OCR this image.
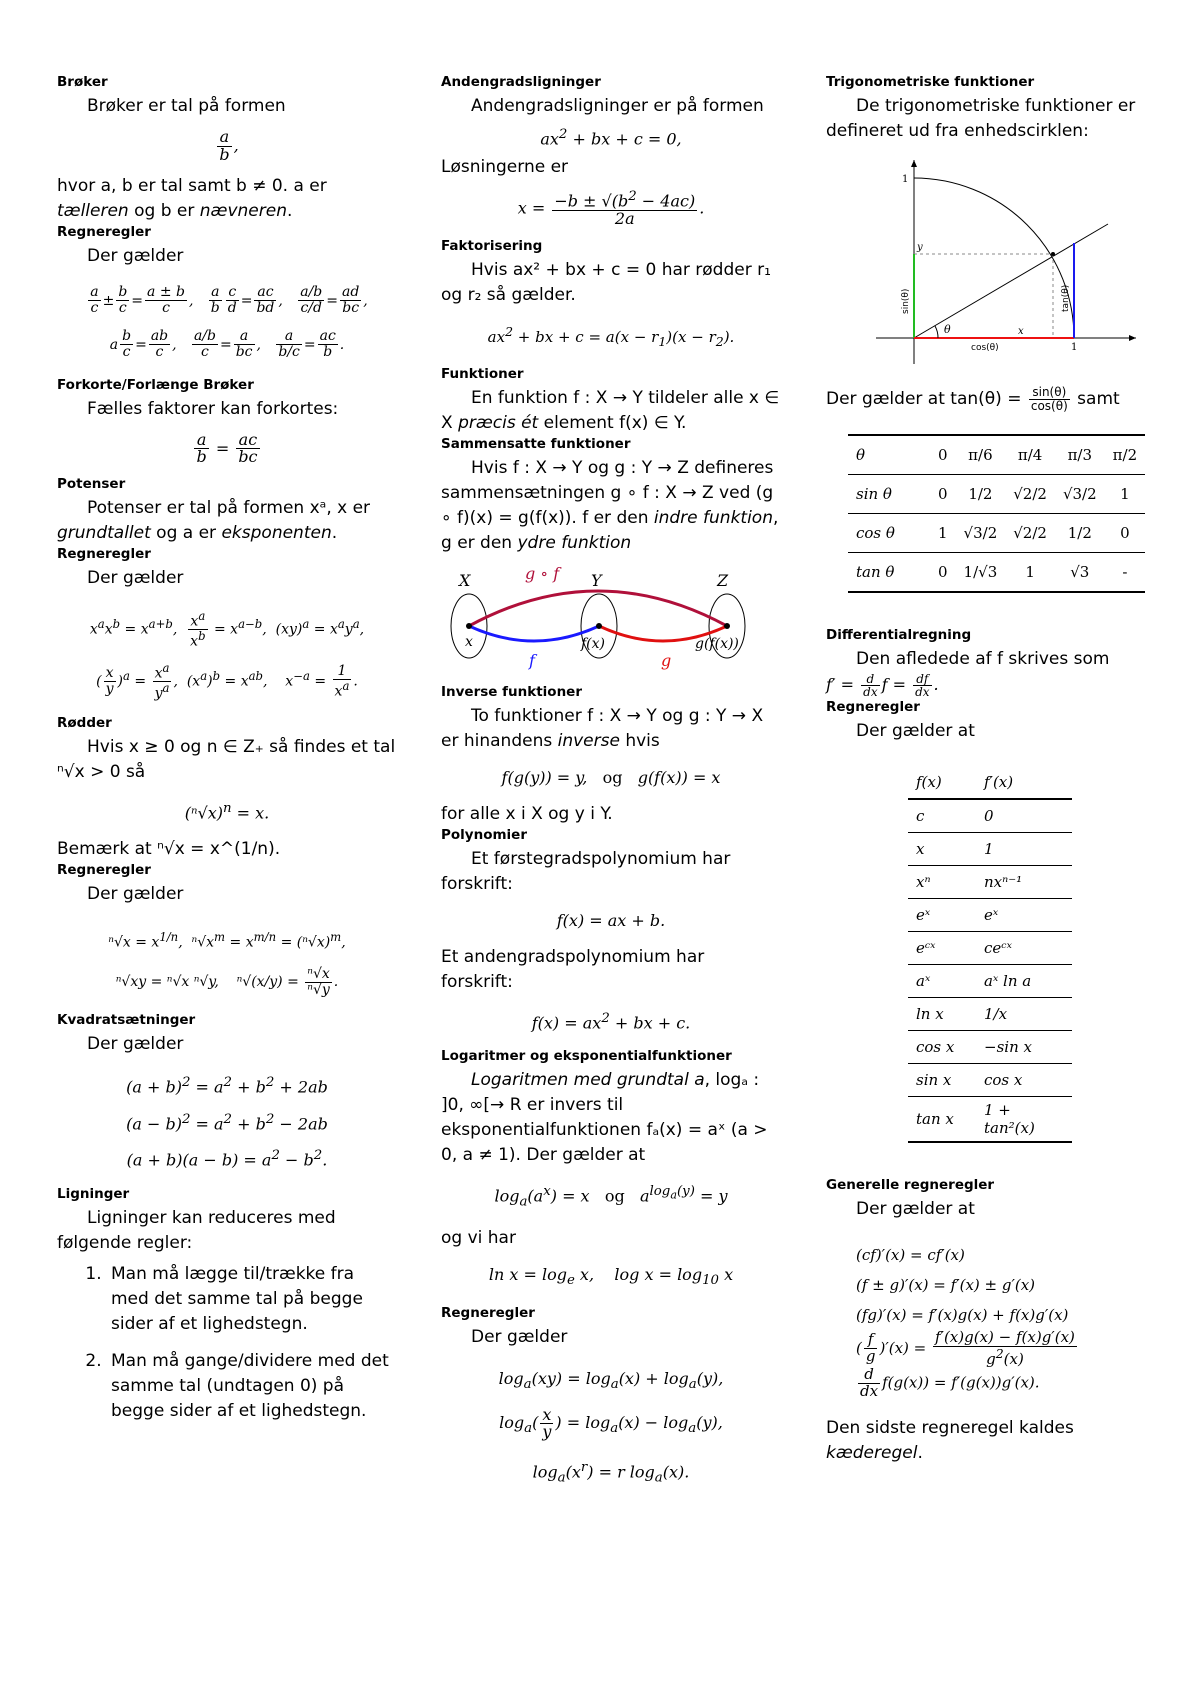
Brøker

Brøker er tal på formen

$\frac{a}{b}$ ,

hvor a, b er tal samt b ≠ 0. a er tælleren og b er nævneren.

Regneregler

Der gælder

$\frac{a}{c} \pm \frac{b}{c} = \frac{a \pm b}{c}$ , $\frac{a}{b} \frac{c}{d} = \frac{ac}{bd}$ , $\frac{a/b}{c/d} = \frac{ad}{bc}$ ,
a $\frac{b}{c} = \frac{ab}{c}$ , $\frac{a/b}{c} = \frac{a}{bc}$ , $\frac{a}{b/c} = \frac{ac}{b}$ .
Forkorte/Forlænge Brøker

Fælles faktorer kan forkortes:

$\frac{a}{b} = \frac{ac}{bc}$
Potenser

Potenser er tal på formen xᵃ, x er grundtallet og a er eksponenten.

Regneregler

Der gælder

$x^ax^b = x^{a+b}$, $\frac{x^a}{x^b} = x^{a-b}$,  $(xy)^a = x^ay^a$,
( $\frac{x}{y} )^a = \frac{x^a}{y^a}$ ,  $(x^a)^b = x^{ab}$,    $x^{-a} = \frac{1}{x^a}$ .
Rødder

Hvis x ≥ 0 og n ∈ Z₊ så findes et tal ⁿ√x > 0 så

$(^n√x)^n = x$.

Bemærk at ⁿ√x = x^(1/n).

Regneregler

Der gælder

$^n√x = x^{1/n}$,  $^n√x^m = x^{m/n} = (^n√x)^m$,
ⁿ√xy = ⁿ√x ⁿ√y,    $^n√(x/y) = \frac{\text{ⁿ√x}}{\text{ⁿ√y}}$ .
Kvadratsætninger

Der gælder

$(a + b)^2 = a^2 + b^2 + 2ab$
$(a - b)^2 = a^2 + b^2 - 2ab$
$(a + b)(a - b) = a^2 - b^2$.
Ligninger

Ligninger kan reduceres med følgende regler:

1. Man må lægge til/trække fra med det samme tal på begge sider af et lighedstegn.
2. Man må gange/dividere med det samme tal (undtagen 0) på begge sider af et lighedstegn.
Andengradsligninger

Andengradsligninger er på formen

$ax^2$ + bx + c = 0,

Løsningerne er

$x = \frac{-b \pm √(b^2 - 4ac)}{2a}$ .
Faktorisering

Hvis ax² + bx + c = 0 har rødder r₁ og r₂ så gælder.

$ax^2$ + bx + $c = a(x - r_1)(x - r_2)$.
Funktioner

En funktion f : X → Y tildeler alle x ∈ X præcis ét element f(x) ∈ Y.

Sammensatte funktioner

Hvis f : X → Y og g : Y → Z defineres sammensætningen g ∘ f : X → Z ved (g ∘ f)(x) = g(f(x)). f er den indre funktion, g er den ydre funktion

X	Y	Z
g ∘ f
f	g
x	f(x)	g(f(x))
Inverse funktioner

To funktioner f : X → Y og g : Y → X er hinandens inverse hvis

f(g(y)) = y,   og   g(f(x)) = x

for alle x i X og y i Y.

Polynomier

Et førstegradspolynomium har forskrift:

f(x) = ax + b.

Et andengradspolynomium har forskrift:

$f(x) = ax^2$ + bx + c.
Logaritmer og eksponentialfunktioner

Logaritmen med grundtal a, logₐ : ]0, ∞[→ R er invers til eksponentialfunktionen fₐ(x) = aˣ (a > 0, a ≠ 1). Der gælder at

$\log_a(a^x) = x$   og   $a^{log_a(y)} = y$

og vi har

$\ln x = \log_e x$,    $\log x = \log_{10} x$
Regneregler

Der gælder

$\log_a(xy) = \log_a(x) + \log_a(y)$,
$\log_a( \frac{x}{y}$ ) = $\log_a(x) - \log_a(y)$,
$\log_a(x^r) = r$ $\log_a(x)$.
Trigonometriske funktioner

De trigonometriske funktioner er defineret ud fra enhedscirklen:

1
1
y
x
θ
sin(θ)
cos(θ)
tan(θ)

Der gælder at $\tan(\theta) = \frac{\sin(\theta)}{\cos(\theta)}$ samt

θ	0	π/6	π/4	π/3	π/2
sin θ	0	1/2	√2/2	√3/2	1
cos θ	1	√3/2	√2/2	1/2	0
tan θ	0	1/√3	1	√3	-
Differentialregning

Den afledede af f skrives som

$f' = \frac{d}{dx}$ $f = \frac{df}{dx}$ .

Regneregler

Der gælder at

f(x)	f′(x)
c	0
x	1
xⁿ	nxⁿ⁻¹
eˣ	eˣ
eᶜˣ	ceᶜˣ
aˣ	aˣ ln a
ln x	1/x
cos x	−sin x
sin x	cos x
tan x	1 + tan²(x)
Generelle regneregler

Der gælder at

(cf)′(x) = cf′(x)
(f ± g)′(x) = f′(x) ± g′(x)
(fg)′(x) = f′(x)g(x) + f(x)g′(x)
( $\frac{f}{g} )'(x) = \frac{f'(x)g(x) - f(x)g'(x)}{g^2(x)}$

$\frac{d}{dx} f(g(x)) = f'(g(x))g'(x)$.

Den sidste regneregel kaldes kæderegel.
